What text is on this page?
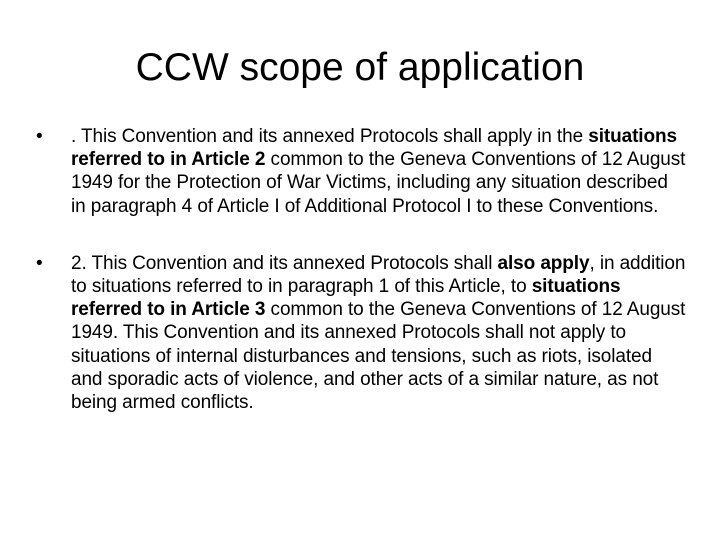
CCW scope of application
•	. This Convention and its annexed Protocols shall apply in the situations referred to in Article 2 common to the Geneva Conventions of 12 August 1949 for the Protection of War Victims, including any situation described in paragraph 4 of Article I of Additional Protocol I to these Conventions.
•	2. This Convention and its annexed Protocols shall also apply, in addition to situations referred to in paragraph 1 of this Article, to situations referred to in Article 3 common to the Geneva Conventions of 12 August 1949. This Convention and its annexed Protocols shall not apply to situations of internal disturbances and tensions, such as riots, isolated and sporadic acts of violence, and other acts of a similar nature, as not being armed conflicts.
